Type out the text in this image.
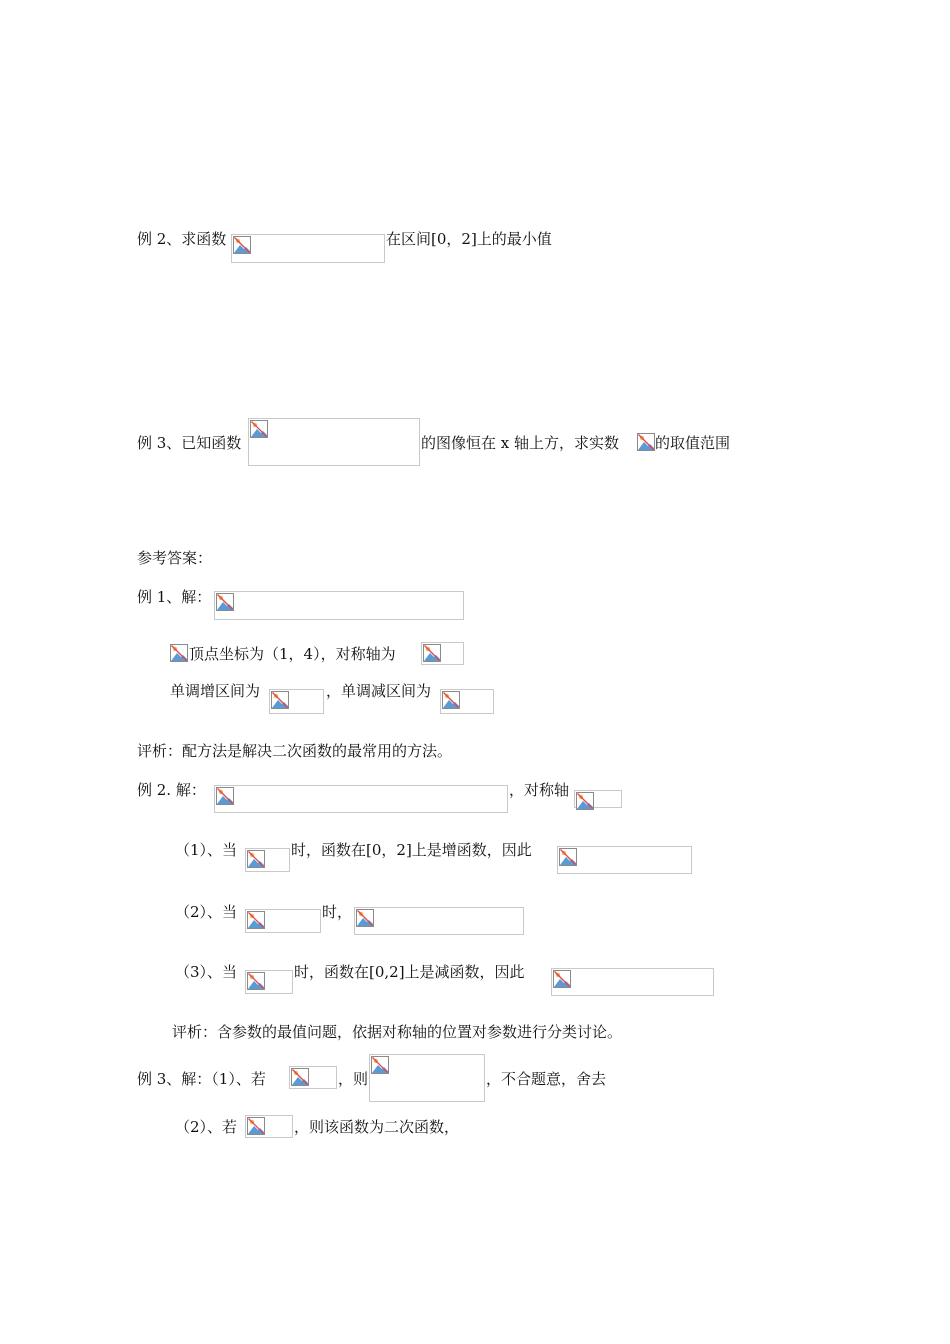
例 2、求函数	在区间[0，2]上的最小值
例 3、已知函数	的图像恒在 x 轴上方，求实数 的取值范围
参考答案：
例 1、解：
顶点坐标为（1，4），对称轴为
单调增区间为	，单调减区间为
评析：配方法是解决二次函数的最常用的方法。
例 2. 解：	，对称轴
（1）、当	时，函数在[0，2]上是增函数，因此
（2）、当	时，
（3）、当	时，函数在[0,2]上是减函数，因此
评析：含参数的最值问题，依据对称轴的位置对参数进行分类讨论。
例 3、解：（1）、若	，则	，不合题意，舍去
（2）、若	，则该函数为二次函数，
